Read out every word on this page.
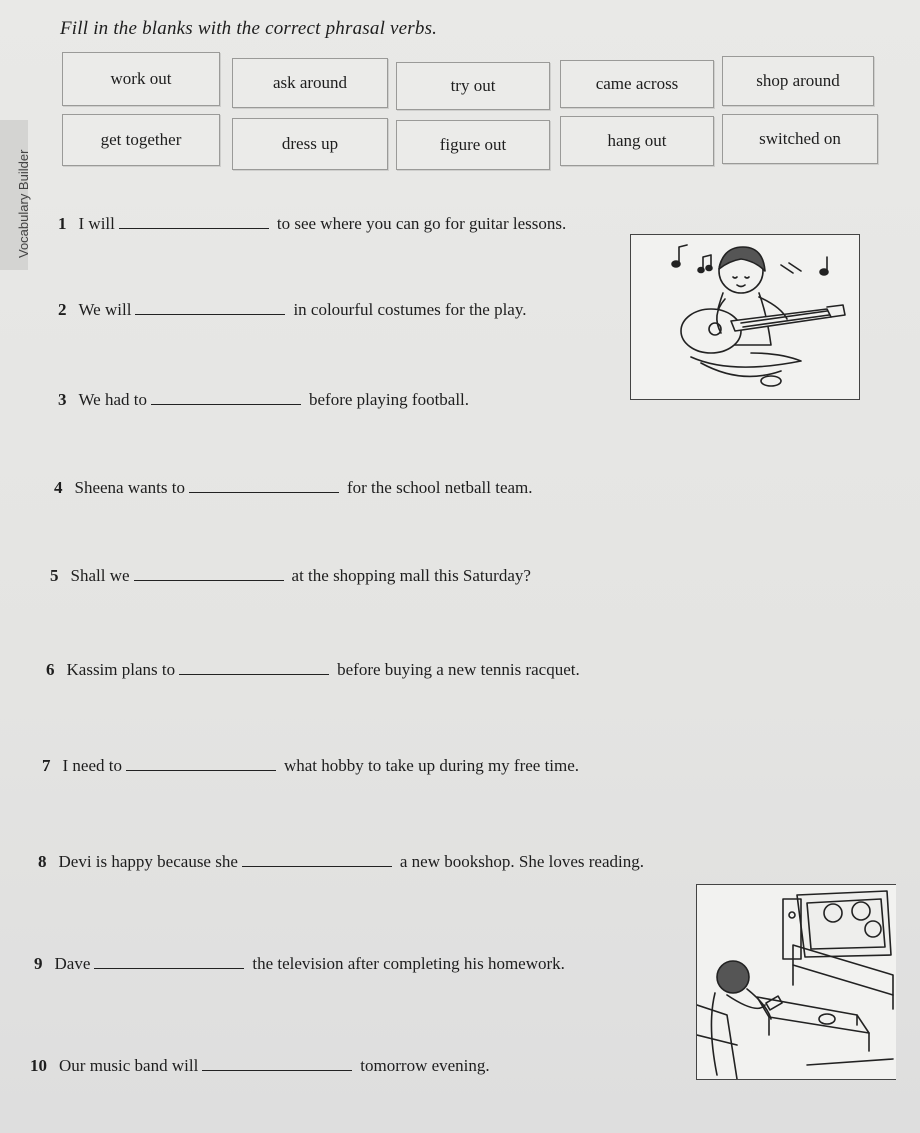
Vocabulary Builder
Fill in the blanks with the correct phrasal verbs.
work out	ask around	try out	came across	shop around
get together	dress up	figure out	hang out	switched on
1 I will	to see where you can go for guitar lessons.
2 We will	in colourful costumes for the play.
3 We had to	before playing football.
4 Sheena wants to	for the school netball team.
5 Shall we	at the shopping mall this Saturday?
6 Kassim plans to	before buying a new tennis racquet.
7 I need to	what hobby to take up during my free time.
8 Devi is happy because she	a new bookshop. She loves reading.
9 Dave	the television after completing his homework.
10 Our music band will	tomorrow evening.
